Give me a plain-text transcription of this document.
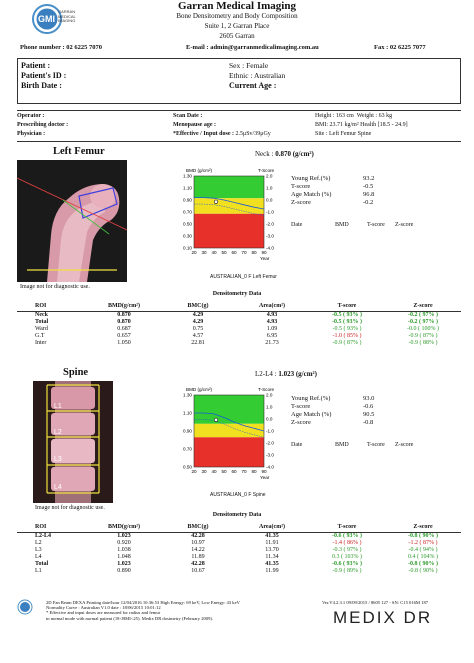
GMI
GARRAN
MEDICAL
IMAGING
Garran Medical Imaging
Bone Densitometry and Body Composition
Suite 1, 2 Garran Place
2605 Garran
Phone number : 02 6225 7070	E-mail : admin@garranmedicalimaging.com.au	Fax : 02 6225 7077
Patient :
Patient's ID :
Birth Date :
Sex : Female
Ethnic : Australian
Current Age :
Operator :
Prescribing doctor :
Physician :
Scan Date :
Menopause age :
*Effective / Input dose : 2.5μSv/39μGy
Height : 163 cm Weight : 63 kg
BMI: 23.71 kg/m² Health [18.5 - 24.9]
Site : Left Femur Spine
Left Femur	Neck : 0.870 (g/cm²)
Image not for diagnostic use.
0.10
0.30
0.50
0.70
0.90
1.10
1.30
-4.0
-3.0
-2.0
-1.0
0.0
1.0
2.0
20 30 40 50 60 70 80 90
Year
BMD (g/cm²)	T-Score
AUSTRALIAN_0 F Left Femur
Young Ref.(%)	93.2
T-score	-0.5
Age Match (%)	96.8
Z-score	-0.2
Date	BMD	T-score Z-score
Densitometry Data
ROI	BMD(g/cm²)	BMC(g)	Area(cm²)	T-score	Z-score
Neck	0.870	4.29	4.93	-0.5 ( 93% )	-0.2 ( 97% )
Total	0.870	4.29	4.93	-0.5 ( 93% )	-0.2 ( 97% )
Ward	0.687	0.75	1.09	-0.5 ( 93% )	-0.0 ( 100% )
G.T	0.657	4.57	6.95	-1.0 ( 85% )	-0.9 ( 87% )
Inter	1.050	22.81	21.73	-0.9 ( 87% )	-0.9 ( 88% )
Spine	L2-L4 : 1.023 (g/cm²)
L1
L2
L3
L4
Image not for diagnostic use.
0.50
0.70
0.90
1.10
1.30
-4.0
-3.0
-2.0
-1.0
0.0
1.0
2.0
20 30 40 50 60 70 80 90
Year
BMD (g/cm²)	T-Score
AUSTRALIAN_0 F Spine
Young Ref.(%)	93.0
T-score	-0.6
Age Match (%)	90.5
Z-score	-0.8
Date	BMD	T-score Z-score
Densitometry Data
ROI	BMD(g/cm²)	BMC(g)	Area(cm²)	T-score	Z-score
L2-L4	1.023	42.28	41.35	-0.6 ( 93% )	-0.8 ( 90% )
L2	0.920	10.97	11.91	-1.4 ( 86% )	-1.2 ( 87% )
L3	1.038	14.22	13.70	-0.3 ( 97% )	-0.4 ( 94% )
L4	1.048	11.89	11.34	0.3 ( 103% )	0.4 ( 104% )
Total	1.023	42.28	41.35	-0.6 ( 93% )	-0.8 ( 90% )
L1	0.890	10.67	11.99	-0.9 ( 89% )	-0.8 ( 90% )
2D Fan Beam DEXA Printing date/hour 12/04/2016 10:36:53 High Energy: 69 keV, Low Energy: 43 keV
Normality Curve : Australian V1.0 date : 18/06/2015 10:01:12
* Effective and input doses are measured for radius and femur
in normal mode with normal patient (18<BMI<25). Medix DR dosimetry (February 2009).
Ver.V4.2.3.1 09/09/2015 / 8605 127 - SN: C15 016M 187
MEDIX DR
